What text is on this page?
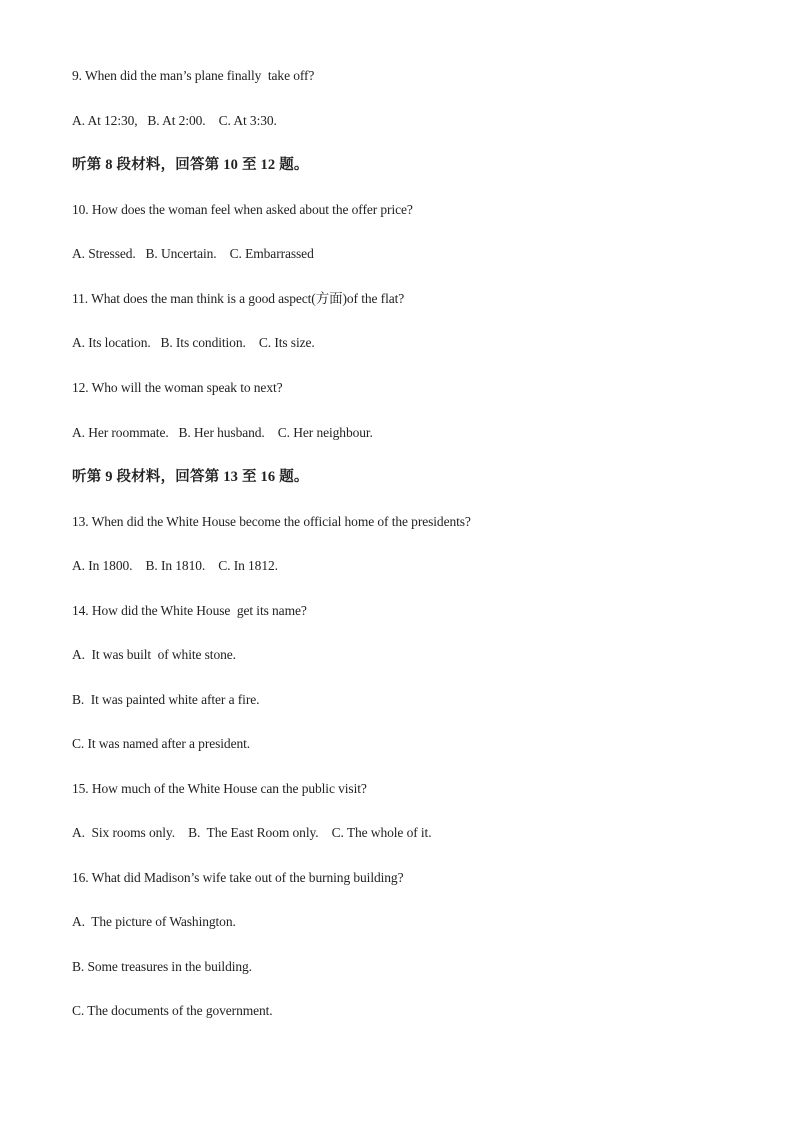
9. When did the man’s plane finally  take off?
A. At 12:30,   B. At 2:00.    C. At 3:30.
听第 8 段材料，回答第 10 至 12 题。
10. How does the woman feel when asked about the offer price?
A. Stressed.   B. Uncertain.    C. Embarrassed
11. What does the man think is a good aspect(方面)of the flat?
A. Its location.   B. Its condition.    C. Its size.
12. Who will the woman speak to next?
A. Her roommate.   B. Her husband.    C. Her neighbour.
听第 9 段材料，回答第 13 至 16 题。
13. When did the White House become the official home of the presidents?
A. In 1800.    B. In 1810.    C. In 1812.
14. How did the White House  get its name?
A.  It was built  of white stone.
B.  It was painted white after a fire.
C. It was named after a president.
15. How much of the White House can the public visit?
A.  Six rooms only.    B.  The East Room only.    C. The whole of it.
16. What did Madison’s wife take out of the burning building?
A.  The picture of Washington.
B. Some treasures in the building.
C. The documents of the government.
